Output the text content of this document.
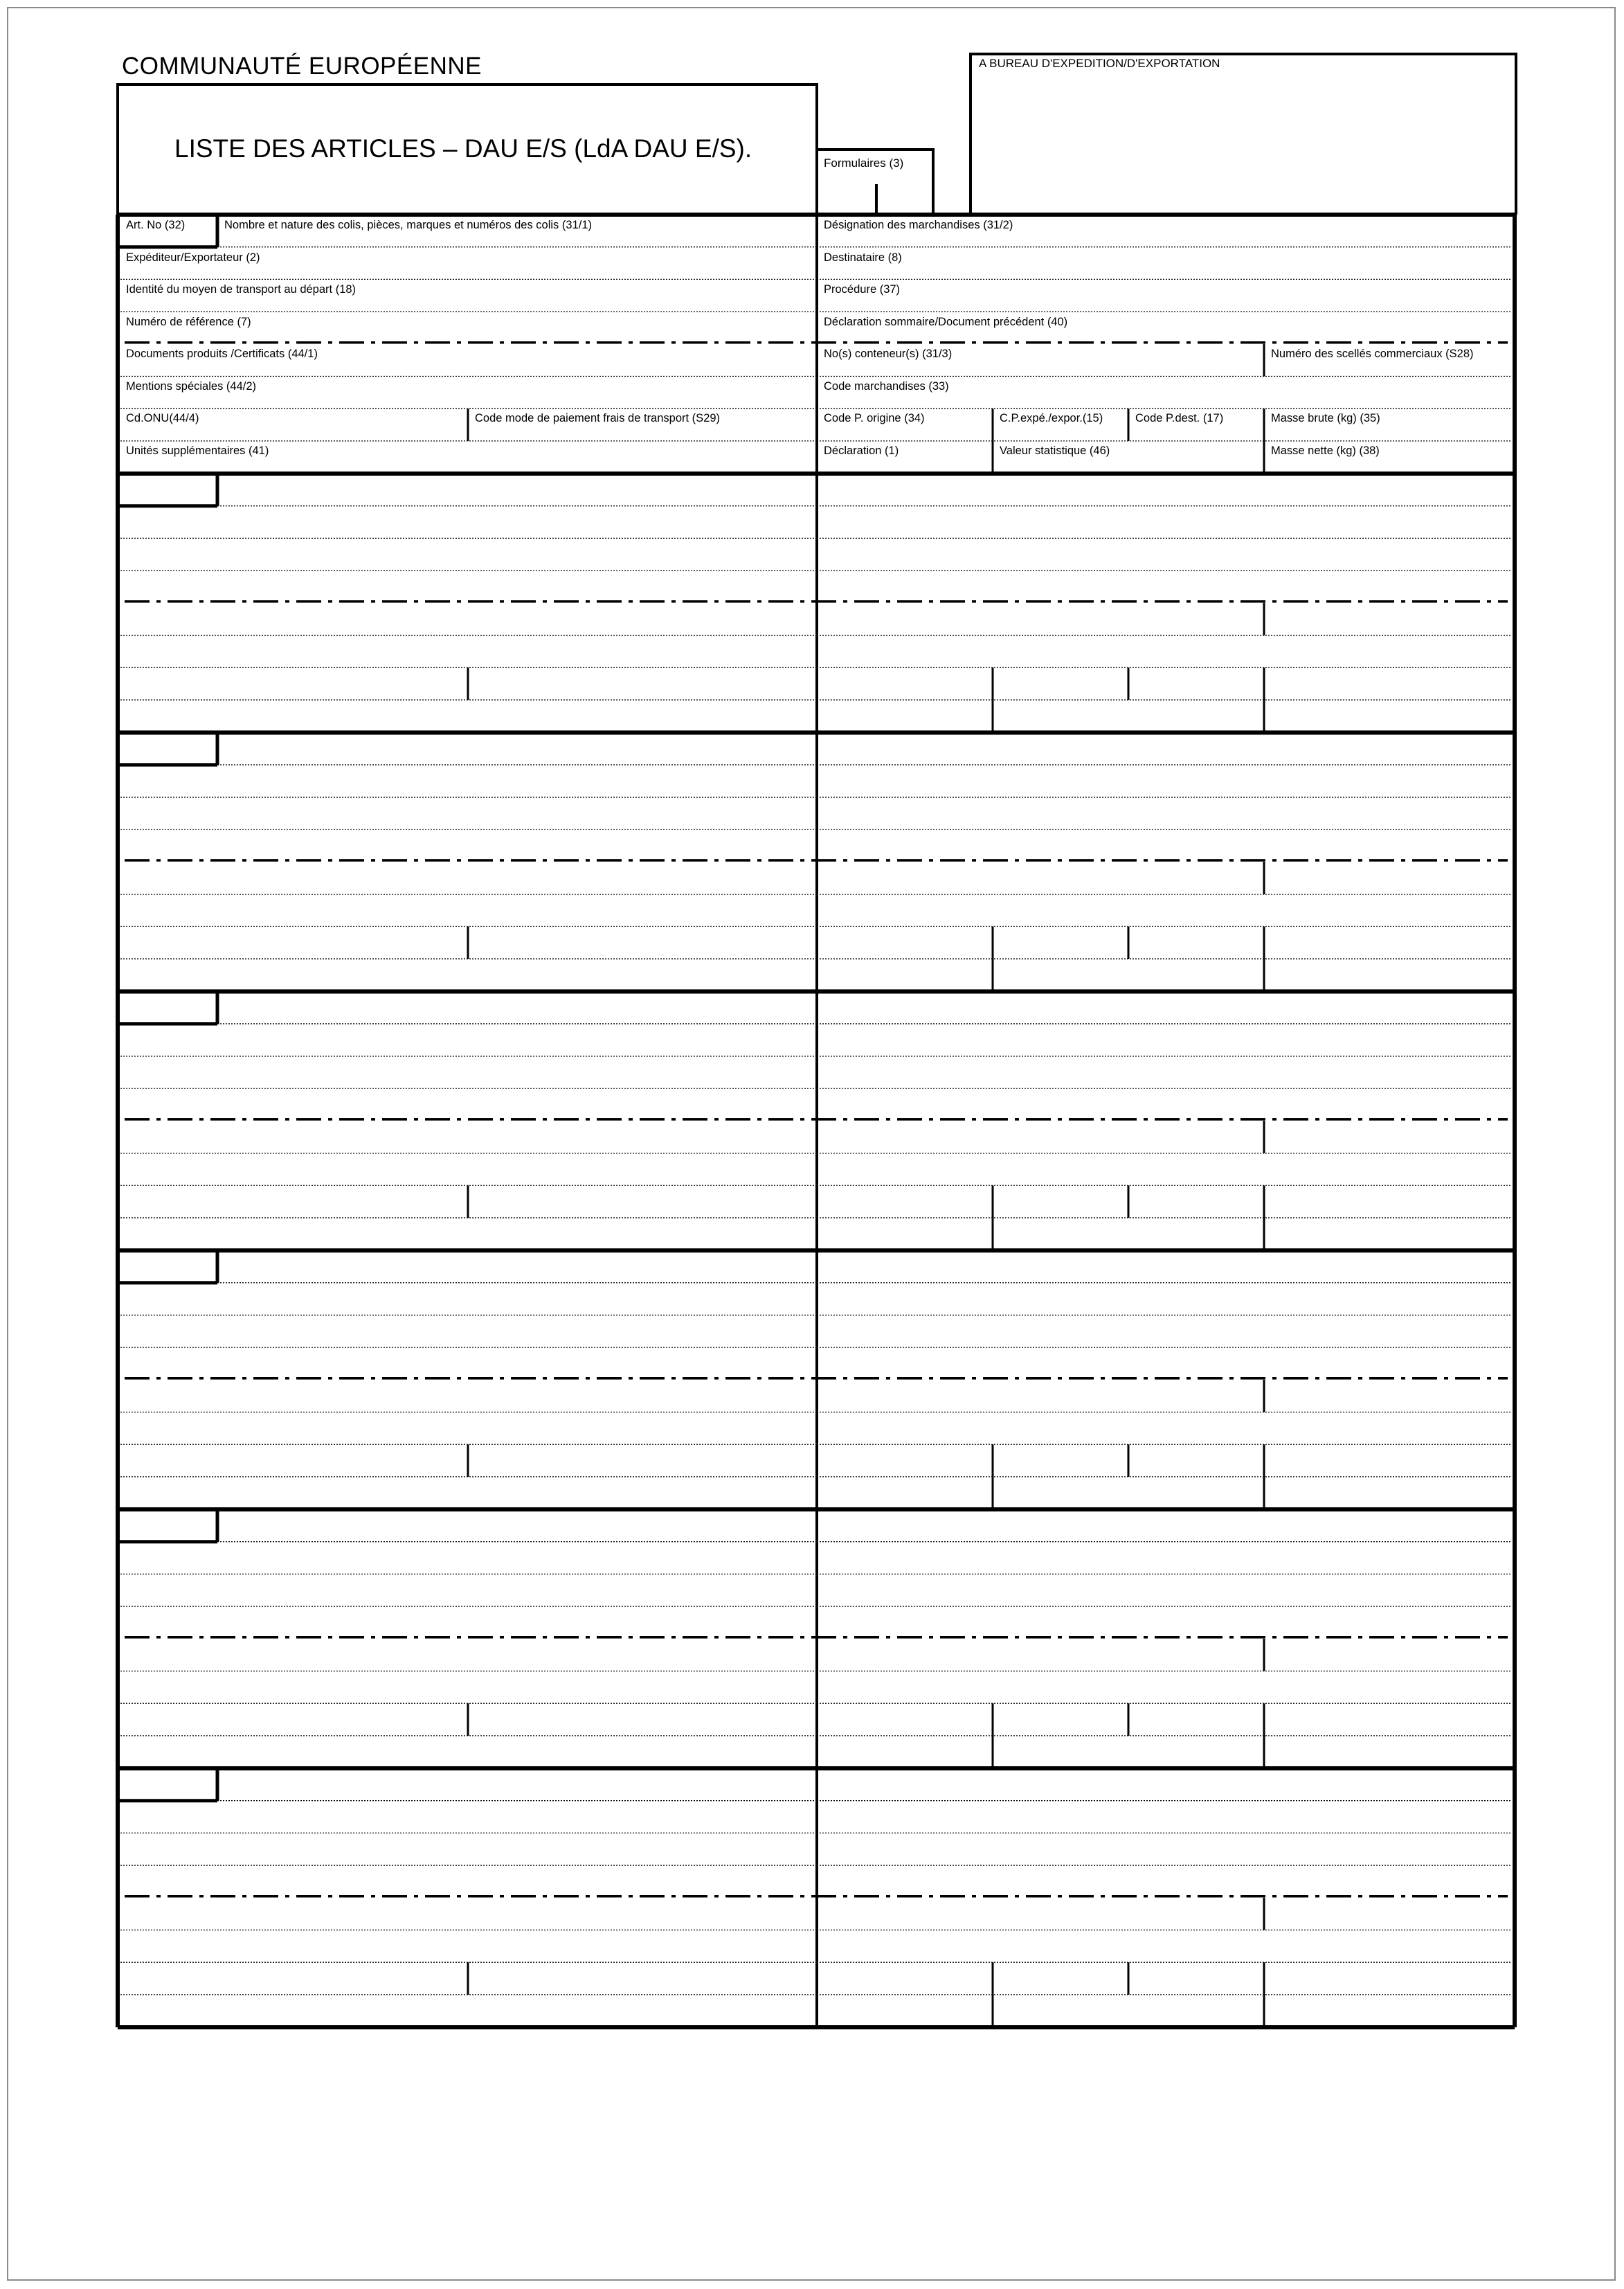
COMMUNAUTÉ EUROPÉENNE
LISTE DES ARTICLES – DAU E/S (LdA DAU E/S).
Formulaires (3)
A BUREAU D'EXPEDITION/D'EXPORTATION
Art. No (32)	Nombre et nature des colis, pièces, marques et numéros des colis (31/1)	Désignation des marchandises (31/2)
Expéditeur/Exportateur (2)	Destinataire (8)
Identité du moyen de transport au départ (18)	Procédure (37)
Numéro de référence (7)	Déclaration sommaire/Document précédent (40)
Documents produits /Certificats (44/1)	No(s) conteneur(s) (31/3)	Numéro des scellés commerciaux (S28)
Mentions spéciales (44/2)	Code marchandises (33)
Cd.ONU(44/4)	Code mode de paiement frais de transport (S29)	Code P. origine (34)	C.P.expé./expor.(15)	Code P.dest. (17)	Masse brute (kg) (35)
Unités supplémentaires (41)	Déclaration (1)	Valeur statistique (46)	Masse nette (kg) (38)
